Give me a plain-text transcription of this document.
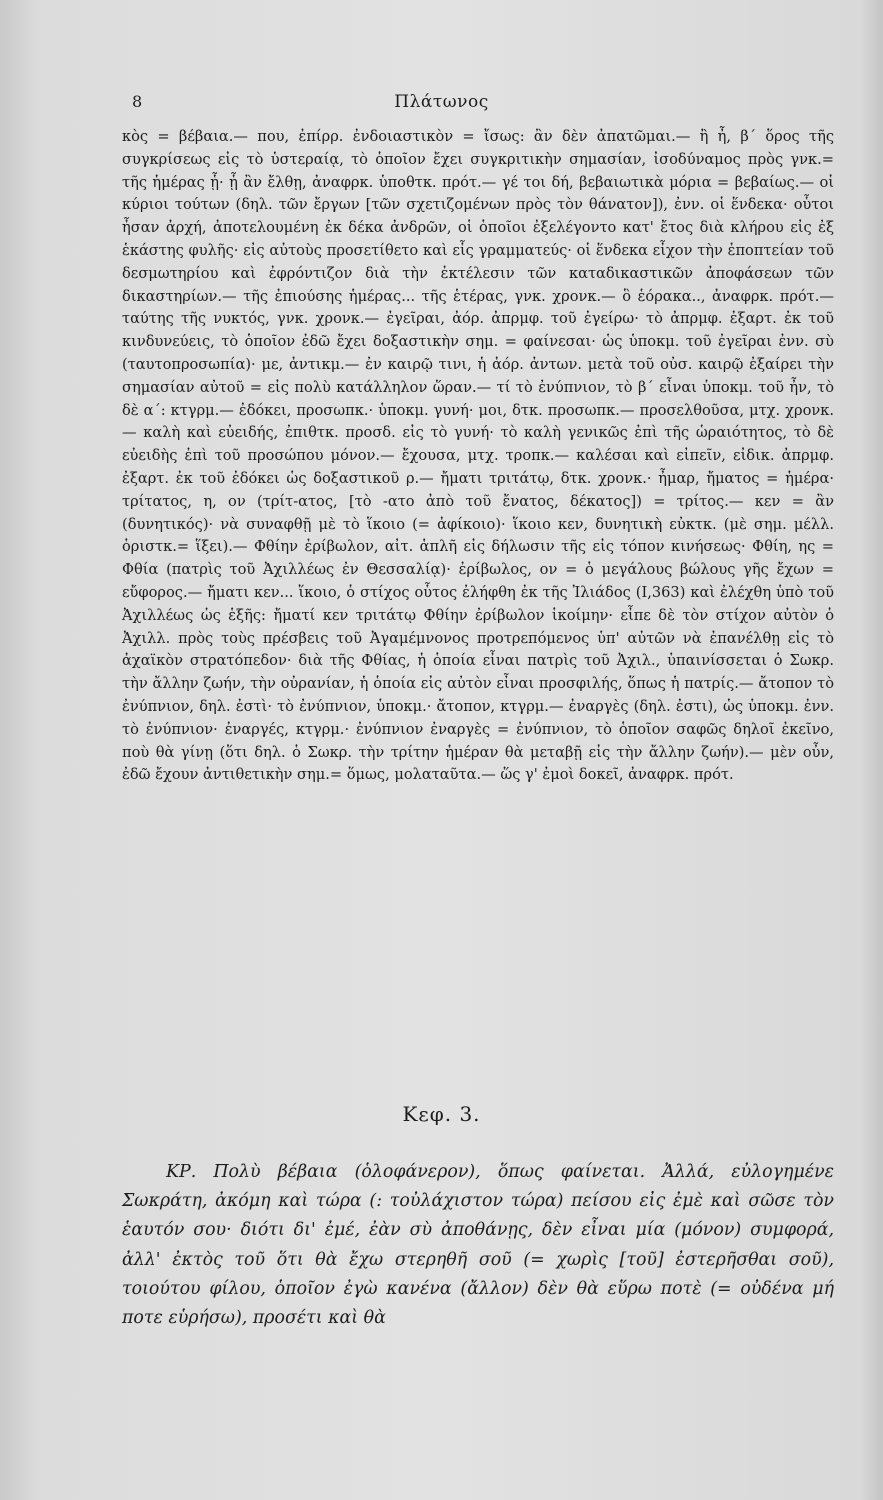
8	Πλάτωνος

κὸς = βέβαια.— που, ἐπίρρ. ἐνδοιαστικὸν = ἴσως: ἂν δὲν ἀπατῶμαι.— ἢ ἦ, β΄ ὅρος τῆς συγκρίσεως εἰς τὸ ὑστεραίᾳ, τὸ ὁποῖον ἔχει συγκριτικὴν σημασίαν, ἰσοδύναμος πρὸς γνκ.= τῆς ἡμέρας ᾗ· ᾗ ἂν ἔλθῃ, ἀναφρκ. ὑποθτκ. πρότ.— γέ τοι δή, βεβαιωτικὰ μόρια = βεβαίως.— οἱ κύριοι τούτων (δηλ. τῶν ἔργων [τῶν σχετιζομένων πρὸς τὸν θάνατον]), ἐνν. οἱ ἕνδεκα· οὗτοι ἦσαν ἀρχή, ἀποτελουμένη ἐκ δέκα ἀνδρῶν, οἱ ὁποῖοι ἐξελέγοντο κατ' ἔτος διὰ κλήρου εἰς ἐξ ἑκάστης φυλῆς· εἰς αὐτοὺς προσετίθετο καὶ εἷς γραμματεύς· οἱ ἕνδεκα εἶχον τὴν ἐποπτείαν τοῦ δεσμωτηρίου καὶ ἐφρόντιζον διὰ τὴν ἐκτέλεσιν τῶν καταδικαστικῶν ἀποφάσεων τῶν δικαστηρίων.— τῆς ἐπιούσης ἡμέρας... τῆς ἑτέρας, γνκ. χρονκ.— ὃ ἑόρακα.., ἀναφρκ. πρότ.— ταύτης τῆς νυκτός, γνκ. χρονκ.— ἐγεῖραι, ἀόρ. ἀπρμφ. τοῦ ἐγείρω· τὸ ἀπρμφ. ἐξαρτ. ἐκ τοῦ κινδυνεύεις, τὸ ὁποῖον ἐδῶ ἔχει δοξαστικὴν σημ. = φαίνεσαι· ὡς ὑποκμ. τοῦ ἐγεῖραι ἐνν. σὺ (ταυτοπροσωπία)· με, ἀντικμ.— ἐν καιρῷ τινι, ἡ ἀόρ. ἀντων. μετὰ τοῦ οὐσ. καιρῷ ἐξαίρει τὴν σημασίαν αὐτοῦ = εἰς πολὺ κατάλληλον ὥραν.— τί τὸ ἐνύπνιον, τὸ β΄ εἶναι ὑποκμ. τοῦ ἦν, τὸ δὲ α΄: κτγρμ.— ἐδόκει, προσωπκ.· ὑποκμ. γυνή· μοι, δτκ. προσωπκ.— προσελθοῦσα, μτχ. χρονκ.— καλὴ καὶ εὐειδής, ἐπιθτκ. προσδ. εἰς τὸ γυνή· τὸ καλὴ γενικῶς ἐπὶ τῆς ὡραιότητος, τὸ δὲ εὐειδὴς ἐπὶ τοῦ προσώπου μόνον.— ἔχουσα, μτχ. τροπκ.— καλέσαι καὶ εἰπεῖν, εἰδικ. ἀπρμφ. ἐξαρτ. ἐκ τοῦ ἐδόκει ὡς δοξαστικοῦ ρ.— ἤματι τριτάτῳ, δτκ. χρονκ.· ἦμαρ, ἤματος = ἡμέρα· τρίτατος, η, ον (τρίτ-ατος, [τὸ -ατο ἀπὸ τοῦ ἔνατος, δέκατος]) = τρίτος.— κεν = ἂν (δυνητικός)· νὰ συναφθῇ μὲ τὸ ἵκοιο (= ἀφίκοιο)· ἵκοιο κεν, δυνητικὴ εὐκτκ. (μὲ σημ. μέλλ. ὁριστκ.= ἵξει).— Φθίην ἐρίβωλον, αἰτ. ἁπλῆ εἰς δήλωσιν τῆς εἰς τόπον κινήσεως· Φθίη, ης = Φθία (πατρὶς τοῦ Ἀχιλλέως ἐν Θεσσαλίᾳ)· ἐρίβωλος, ον = ὁ μεγάλους βώλους γῆς ἔχων = εὔφορος.— ἤματι κεν... ἵκοιο, ὁ στίχος οὗτος ἐλήφθη ἐκ τῆς Ἰλιάδος (Ι,363) καὶ ἐλέχθη ὑπὸ τοῦ Ἀχιλλέως ὡς ἑξῆς: ἤματί κεν τριτάτῳ Φθίην ἐρίβωλον ἱκοίμην· εἶπε δὲ τὸν στίχον αὐτὸν ὁ Ἀχιλλ. πρὸς τοὺς πρέσβεις τοῦ Ἀγαμέμνονος προτρεπόμενος ὑπ' αὐτῶν νὰ ἐπανέλθῃ εἰς τὸ ἀχαϊκὸν στρατόπεδον· διὰ τῆς Φθίας, ἡ ὁποία εἶναι πατρὶς τοῦ Ἀχιλ., ὑπαινίσσεται ὁ Σωκρ. τὴν ἄλλην ζωήν, τὴν οὐρανίαν, ἡ ὁποία εἰς αὐτὸν εἶναι προσφιλής, ὅπως ἡ πατρίς.— ἄτοπον τὸ ἐνύπνιον, δηλ. ἐστὶ· τὸ ἐνύπνιον, ὑποκμ.· ἄτοπον, κτγρμ.— ἐναργὲς (δηλ. ἐστι), ὡς ὑποκμ. ἐνν. τὸ ἐνύπνιον· ἐναργές, κτγρμ.· ἐνύπνιον ἐναργὲς = ἐνύπνιον, τὸ ὁποῖον σαφῶς δηλοῖ ἐκεῖνο, ποὺ θὰ γίνῃ (ὅτι δηλ. ὁ Σωκρ. τὴν τρίτην ἡμέραν θὰ μεταβῇ εἰς τὴν ἄλλην ζωήν).— μὲν οὖν, ἐδῶ ἔχουν ἀντιθετικὴν σημ.= ὅμως, μολαταῦτα.— ὥς γ' ἐμοὶ δοκεῖ, ἀναφρκ. πρότ.

Κεφ. 3.

ΚΡ. Πολὺ βέβαια (ὁλοφάνερον), ὅπως φαίνεται. Ἀλλά, εὐλογημένε Σωκράτη, ἀκόμη καὶ τώρα (: τοὐλάχιστον τώρα) πείσου εἰς ἐμὲ καὶ σῶσε τὸν ἑαυτόν σου· διότι δι' ἐμέ, ἐὰν σὺ ἀποθάνῃς, δὲν εἶναι μία (μόνον) συμφορά, ἀλλ' ἐκτὸς τοῦ ὅτι θὰ ἔχω στερηθῆ σοῦ (= χωρὶς [τοῦ] ἐστερῆσθαι σοῦ), τοιούτου φίλου, ὁποῖον ἐγὼ κανένα (ἄλλον) δὲν θὰ εὕρω ποτὲ (= οὐδένα μή ποτε εὑρήσω), προσέτι καὶ θὰ
